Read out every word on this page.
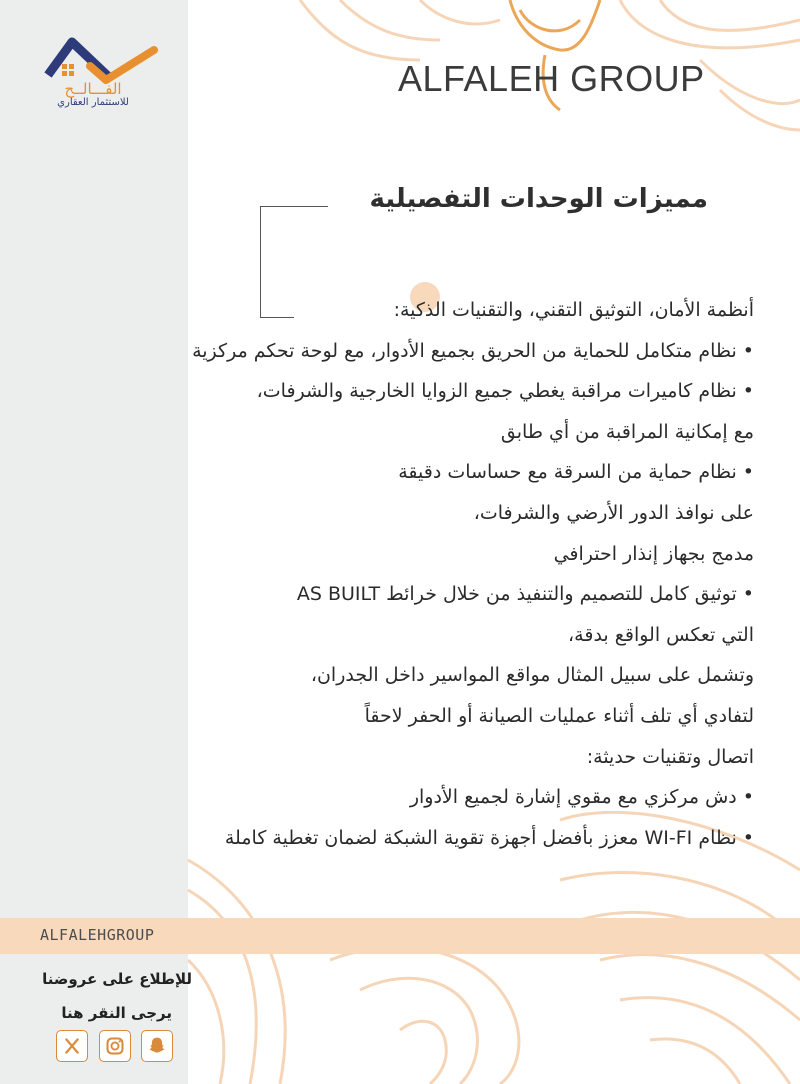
الفـــالــح
للاستثمار العقاري
ALFALEH GROUP
مميزات الوحدات التفصيلية
أنظمة الأمان، التوثيق التقني، والتقنيات الذكية:
• نظام متكامل للحماية من الحريق بجميع الأدوار، مع لوحة تحكم مركزية
• نظام كاميرات مراقبة يغطي جميع الزوايا الخارجية والشرفات،
مع إمكانية المراقبة من أي طابق
• نظام حماية من السرقة مع حساسات دقيقة
على نوافذ الدور الأرضي والشرفات،
مدمج بجهاز إنذار احترافي
• توثيق كامل للتصميم والتنفيذ من خلال خرائط AS BUILT
التي تعكس الواقع بدقة،
وتشمل على سبيل المثال مواقع المواسير داخل الجدران،
لتفادي أي تلف أثناء عمليات الصيانة أو الحفر لاحقاً
اتصال وتقنيات حديثة:
• دش مركزي مع مقوي إشارة لجميع الأدوار
• نظام WI-FI معزز بأفضل أجهزة تقوية الشبكة لضمان تغطية كاملة
ALFALEHGROUP
للإطلاع على عروضنا
يرجى النقر هنا
